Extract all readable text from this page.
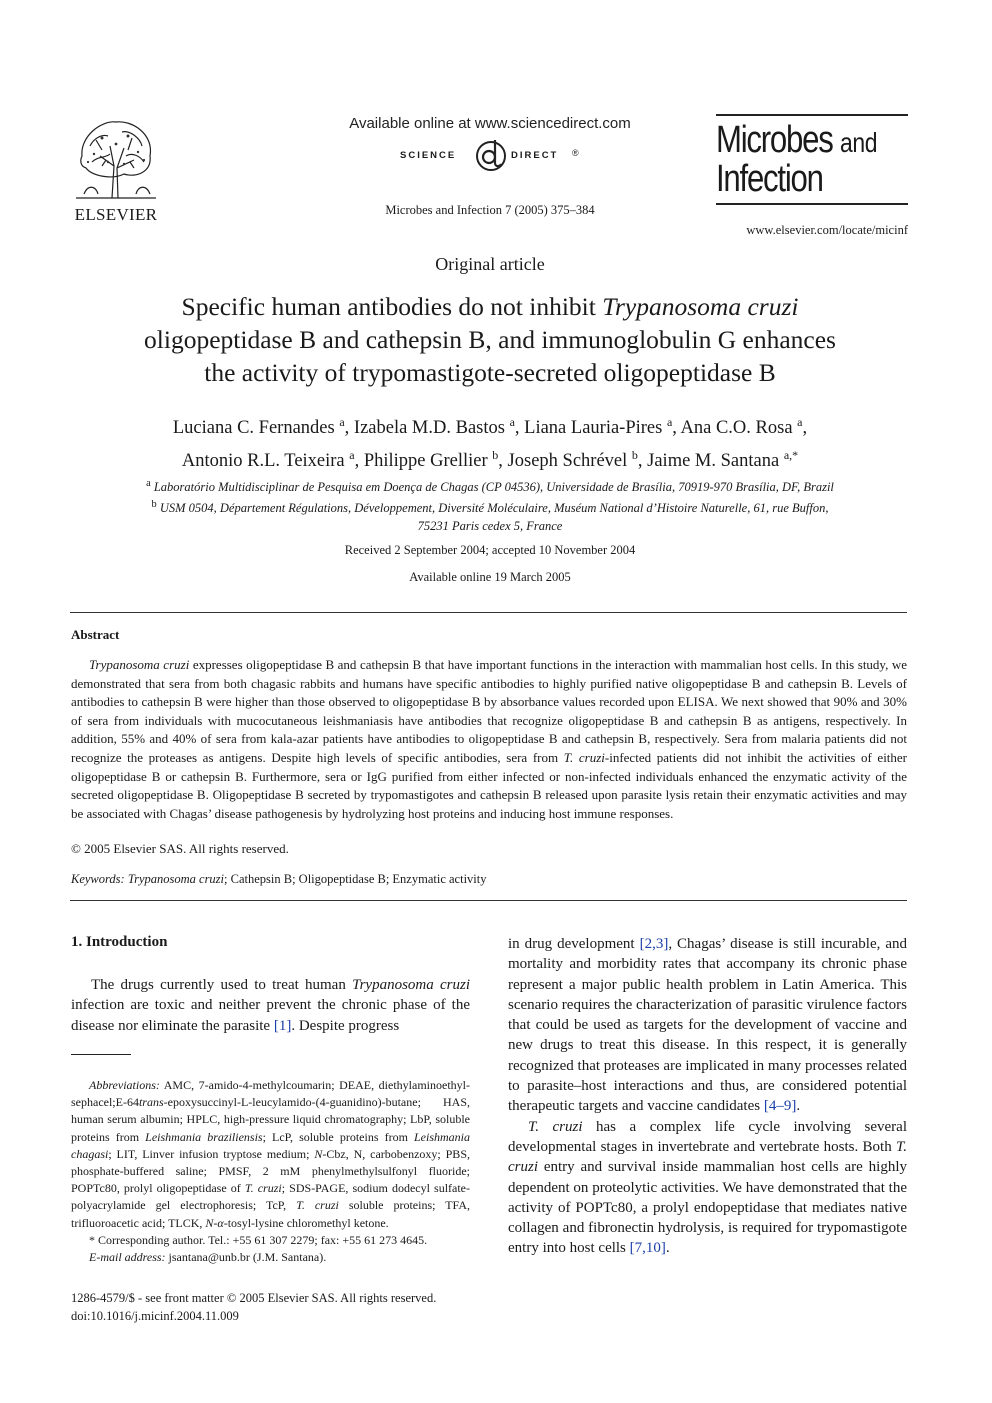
ELSEVIER
Available online at www.sciencedirect.com
SCIENCE	DIRECT ®
Microbes and Infection 7 (2005) 375–384
Microbes and
Infection
www.elsevier.com/locate/micinf
Original article
Specific human antibodies do not inhibit Trypanosoma cruzi
oligopeptidase B and cathepsin B, and immunoglobulin G enhances
the activity of trypomastigote-secreted oligopeptidase B
Luciana C. Fernandes $^a$, Izabela M.D. Bastos $^a$, Liana Lauria-Pires $^a$, Ana C.O. Rosa $^a$,
Antonio R.L. Teixeira $^a$, Philippe Grellier $^b$, Joseph Schrével $^b$, Jaime M. Santana $^{a,*}$
$^a$ Laboratório Multidisciplinar de Pesquisa em Doença de Chagas (CP 04536), Universidade de Brasília, 70919-970 Brasília, DF, Brazil
$^b$ USM 0504, Département Régulations, Développement, Diversité Moléculaire, Muséum National d’Histoire Naturelle, 61, rue Buffon,
75231 Paris cedex 5, France
Received 2 September 2004; accepted 10 November 2004
Available online 19 March 2005
Abstract

Trypanosoma cruzi expresses oligopeptidase B and cathepsin B that have important functions in the interaction with mammalian host cells. In this study, we demonstrated that sera from both chagasic rabbits and humans have specific antibodies to highly purified native oligopeptidase B and cathepsin B. Levels of antibodies to cathepsin B were higher than those observed to oligopeptidase B by absorbance values recorded upon ELISA. We next showed that 90% and 30% of sera from individuals with mucocutaneous leishmaniasis have antibodies that recognize oligopeptidase B and cathepsin B as antigens, respectively. In addition, 55% and 40% of sera from kala-azar patients have antibodies to oligopeptidase B and cathepsin B, respectively. Sera from malaria patients did not recognize the proteases as antigens. Despite high levels of specific antibodies, sera from T. cruzi-infected patients did not inhibit the activities of either oligopeptidase B or cathepsin B. Furthermore, sera or IgG purified from either infected or non-infected individuals enhanced the enzymatic activity of the secreted oligopeptidase B. Oligopeptidase B secreted by trypomastigotes and cathepsin B released upon parasite lysis retain their enzymatic activities and may be associated with Chagas’ disease pathogenesis by hydrolyzing host proteins and inducing host immune responses.

© 2005 Elsevier SAS. All rights reserved.
Keywords: Trypanosoma cruzi; Cathepsin B; Oligopeptidase B; Enzymatic activity
1. Introduction

The drugs currently used to treat human Trypanosoma cruzi infection are toxic and neither prevent the chronic phase of the disease nor eliminate the parasite [1]. Despite progress

Abbreviations: AMC, 7-amido-4-methylcoumarin; DEAE, diethylaminoethyl-sephacel;E-64trans-epoxysuccinyl-L-leucylamido-(4-guanidino)-butane; HAS, human serum albumin; HPLC, high-pressure liquid chromatography; LbP, soluble proteins from Leishmania braziliensis; LcP, soluble proteins from Leishmania chagasi; LIT, Linver infusion tryptose medium; N-Cbz, N, carbobenzoxy; PBS, phosphate-buffered saline; PMSF, 2 mM phenylmethylsulfonyl fluoride; POPTc80, prolyl oligopeptidase of T. cruzi; SDS-PAGE, sodium dodecyl sulfate-polyacrylamide gel electrophoresis; TcP, T. cruzi soluble proteins; TFA, trifluoroacetic acid; TLCK, N-α-tosyl-lysine chloromethyl ketone.

* Corresponding author. Tel.: +55 61 307 2279; fax: +55 61 273 4645.

E-mail address: jsantana@unb.br (J.M. Santana).

1286-4579/$ - see front matter © 2005 Elsevier SAS. All rights reserved.
doi:10.1016/j.micinf.2004.11.009

in drug development [2,3], Chagas’ disease is still incurable, and mortality and morbidity rates that accompany its chronic phase represent a major public health problem in Latin America. This scenario requires the characterization of parasitic virulence factors that could be used as targets for the development of vaccine and new drugs to treat this disease. In this respect, it is generally recognized that proteases are implicated in many processes related to parasite–host interactions and thus, are considered potential therapeutic targets and vaccine candidates [4–9].

T. cruzi has a complex life cycle involving several developmental stages in invertebrate and vertebrate hosts. Both T. cruzi entry and survival inside mammalian host cells are highly dependent on proteolytic activities. We have demonstrated that the activity of POPTc80, a prolyl endopeptidase that mediates native collagen and fibronectin hydrolysis, is required for trypomastigote entry into host cells [7,10].
